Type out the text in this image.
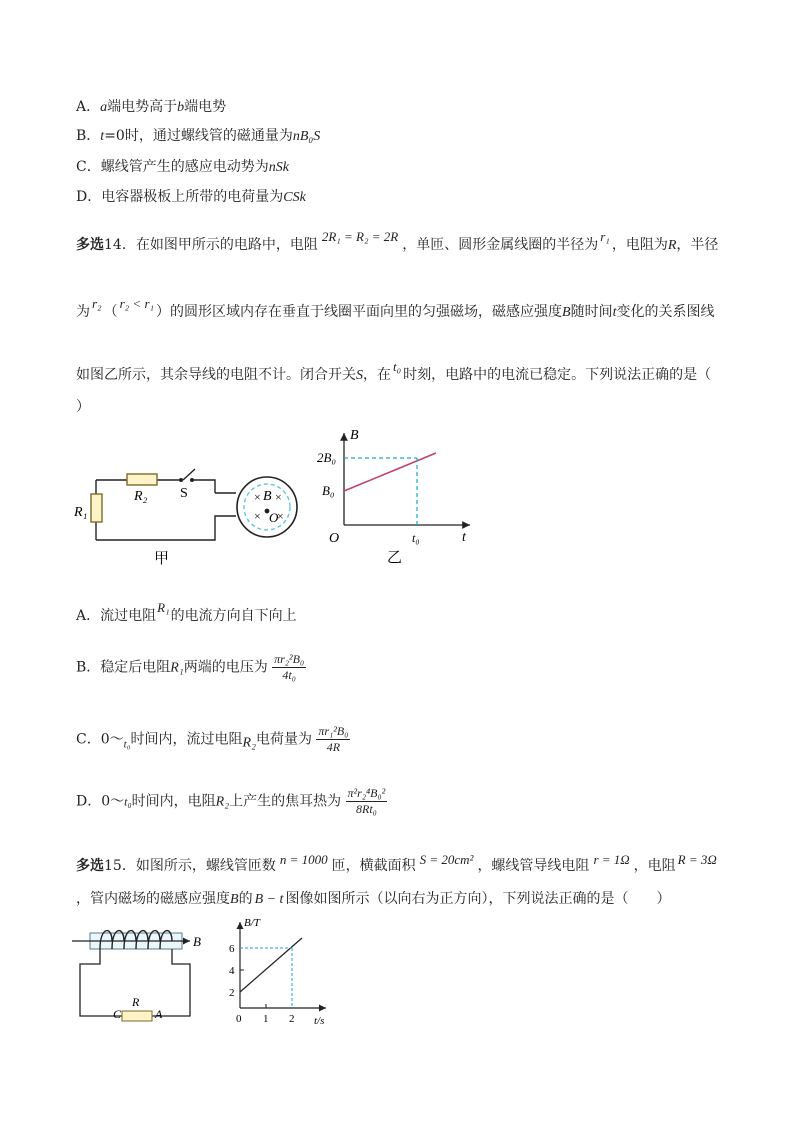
A．a端电势高于b端电势
B．t=0时，通过螺线管的磁通量为nB₀S
C．螺线管产生的感应电动势为nSk
D．电容器极板上所带的电荷量为CSk
多选14．在如图甲所示的电路中，电阻2R₁ = R₂ = 2R，单匝、圆形金属线圈的半径为r₁，电阻为R，半径
为r₂（r₂ < r₁）的圆形区域内存在垂直于线圈平面向里的匀强磁场，磁感应强度B随时间t变化的关系图线
如图乙所示，其余导线的电阻不计。闭合开关S，在t₀时刻，电路中的电流已稳定。下列说法正确的是（
）
× ×
× ×
B
O
R₁
R₂ S
甲
B
t
O
2B₀
B₀
t₀
乙
A．流过电阻R₁的电流方向自下向上
B．稳定后电阻R₁两端的电压为 $\frac{\text{πr₂²B₀}}{\text{4t₀}}$
C．$0\sim_{t_0}$时间内，流过电阻R₂电荷量为 $\frac{\text{πr₁²B₀}}{4R}$
D．0～t₀时间内，电阻R₂上产生的焦耳热为 $\frac{\text{π²r₂⁴B₀²}}{\text{8Rt₀}}$
多选15．如图所示，螺线管匝数 n = 1000 匝，横截面积 S = 20cm² ，螺线管导线电阻 r = 1Ω ，电阻 R = 3Ω
，管内磁场的磁感应强度B的 B − t 图像如图所示（以向右为正方向），下列说法正确的是（　　）
B
C
R
A
B/T
t/s
6
4
2
0 1 2
